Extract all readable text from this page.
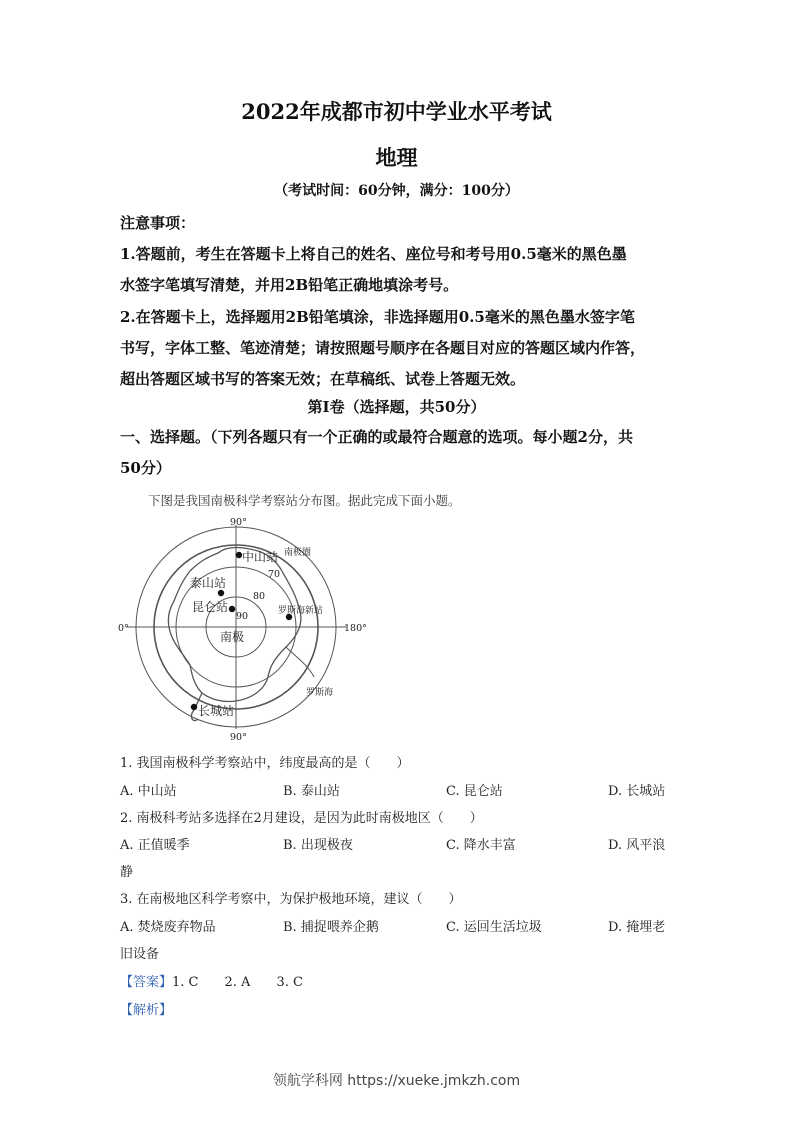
2022年成都市初中学业水平考试
地理
（考试时间：60分钟，满分：100分）
注意事项：
1.答题前，考生在答题卡上将自己的姓名、座位号和考号用0.5毫米的黑色墨
水签字笔填写清楚，并用2B铅笔正确地填涂考号。
2.在答题卡上，选择题用2B铅笔填涂，非选择题用0.5毫米的黑色墨水签字笔
书写，字体工整、笔迹清楚；请按照题号顺序在各题目对应的答题区域内作答，
超出答题区域书写的答案无效；在草稿纸、试卷上答题无效。
第Ⅰ卷（选择题，共50分）
一、选择题。（下列各题只有一个正确的或最符合题意的选项。每小题2分，共
50分）
下图是我国南极科学考察站分布图。据此完成下面小题。
90°
90°
0°	180°
中山站
泰山站
昆仑站	罗斯海新站
长城站
南极
70
80
90
南极圈
罗斯海
1. 我国南极科学考察站中，纬度最高的是（　　）
A. 中山站	B. 泰山站	C. 昆仑站	D. 长城站
2. 南极科考站多选择在2月建设，是因为此时南极地区（　　）
A. 正值暖季	B. 出现极夜	C. 降水丰富	D. 风平浪
静
3. 在南极地区科学考察中，为保护极地环境，建议（　　）
A. 焚烧废弃物品	B. 捕捉喂养企鹅	C. 运回生活垃圾	D. 掩埋老
旧设备
【答案】1. C 2. A 3. C
【解析】
领航学科网 https://xueke.jmkzh.com
